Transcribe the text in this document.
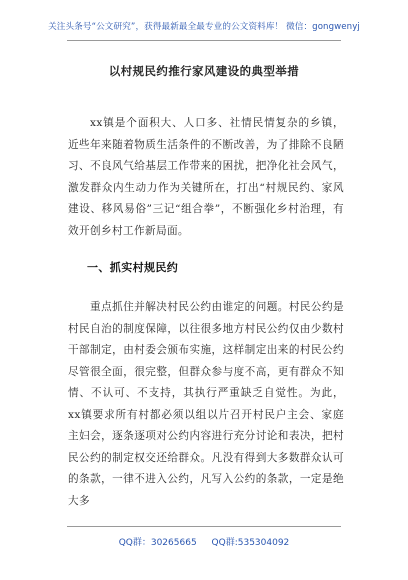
关注头条号“公文研究”，获得最新最全最专业的公文资料库！ 微信：gongwenyj
以村规民约推行家风建设的典型举措

xx镇是个面积大、人口多、社情民情复杂的乡镇，近些年来随着物质生活条件的不断改善，为了排除不良陋习、不良风气给基层工作带来的困扰，把净化社会风气，激发群众内生动力作为关键所在，打出“村规民约、家风建设、移风易俗”三记“组合拳”，不断强化乡村治理，有效开创乡村工作新局面。

一、抓实村规民约

重点抓住并解决村民公约由谁定的问题。村民公约是村民自治的制度保障，以往很多地方村民公约仅由少数村干部制定，由村委会颁布实施，这样制定出来的村民公约尽管很全面，很完整，但群众参与度不高，更有群众不知情、不认可、不支持，其执行严重缺乏自觉性。为此，xx镇要求所有村都必须以组以片召开村民户主会、家庭主妇会，逐条逐项对公约内容进行充分讨论和表决，把村民公约的制定权交还给群众。凡没有得到大多数群众认可的条款，一律不进入公约，凡写入公约的条款，一定是绝大多

QQ群：30265665 QQ群:535304092
